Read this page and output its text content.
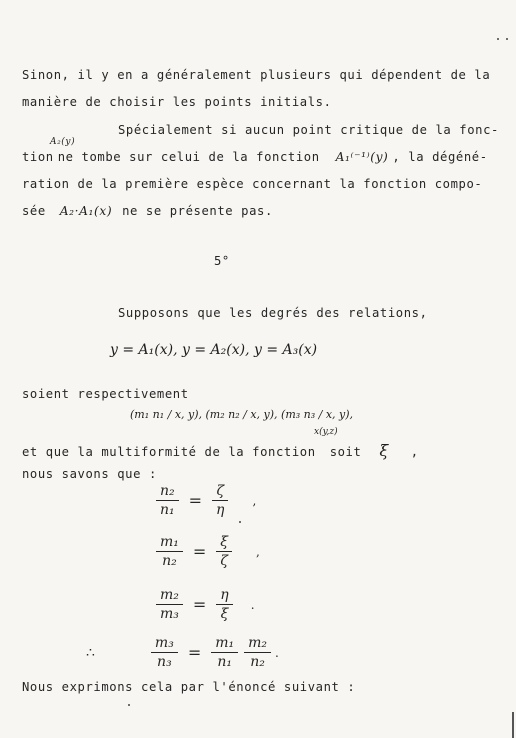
Sinon, il y en a généralement plusieurs qui dépendent de la
manière de choisir les points initials.
Spécialement si aucun point critique de la fonc-
A₂(y)
tion ne tombe sur celui de la fonction A₁⁽⁻¹⁾(y) , la dégéné-
ration de la première espèce concernant la fonction compo-
sée A₂·A₁(x) ne se présente pas.
5°
Supposons que les degrés des relations,
y = A₁(x), y = A₂(x), y = A₃(x)
soient respectivement
(m₁ n₁ / x, y), (m₂ n₂ / x, y), (m₃ n₃ / x, y),
x(y,z)
et que la multiformité de la fonction soit ξ ,
nous savons que :
$\frac{\text{n₂}}{\text{n₁}} = \frac{\zeta}{\eta}$ ,
$\frac{\text{m₁}}{\text{n₂}} = \frac{\xi}{\zeta}$ ,
$\frac{\text{m₂}}{\text{m₃}} = \frac{\eta}{\xi}$ .
∴	$\frac{\text{m₃}}{\text{n₃}} = \frac{\text{m₁}}{\text{n₁}} \frac{\text{m₂}}{\text{n₂}}$ .
Nous exprimons cela par l'énoncé suivant :
